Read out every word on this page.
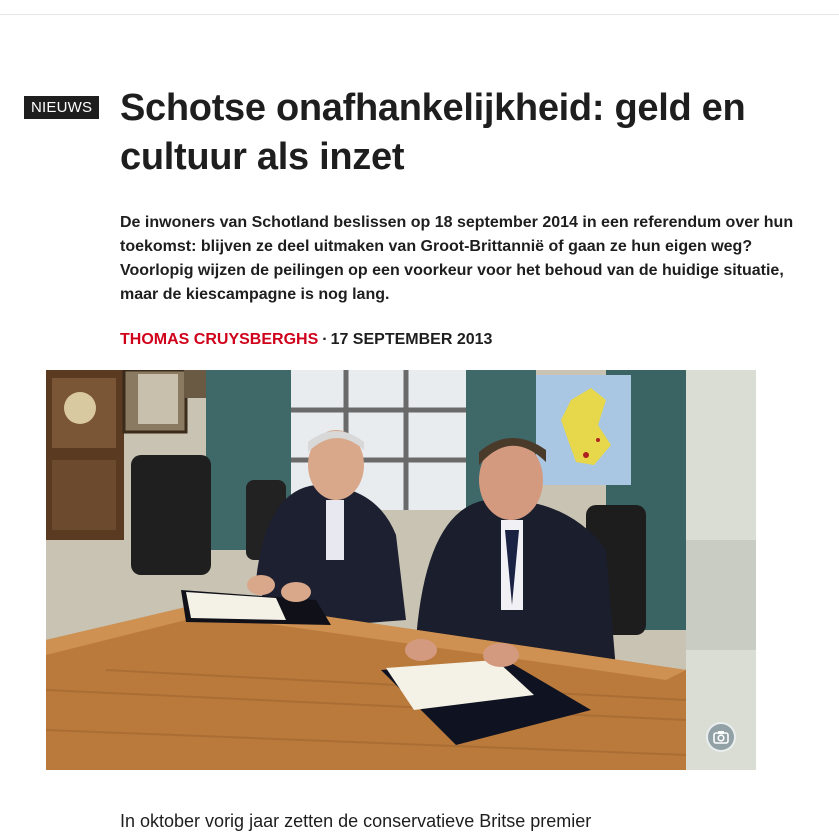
NIEUWS Schotse onafhankelijkheid: geld en cultuur als inzet

De inwoners van Schotland beslissen op 18 september 2014 in een referendum over hun toekomst: blijven ze deel uitmaken van Groot-Brittannië of gaan ze hun eigen weg? Voorlopig wijzen de peilingen op een voorkeur voor het behoud van de huidige situatie, maar de kiescampagne is nog lang.

THOMAS CRUYSBERGHS · 17 SEPTEMBER 2013

In oktober vorig jaar zetten de conservatieve Britse premier
